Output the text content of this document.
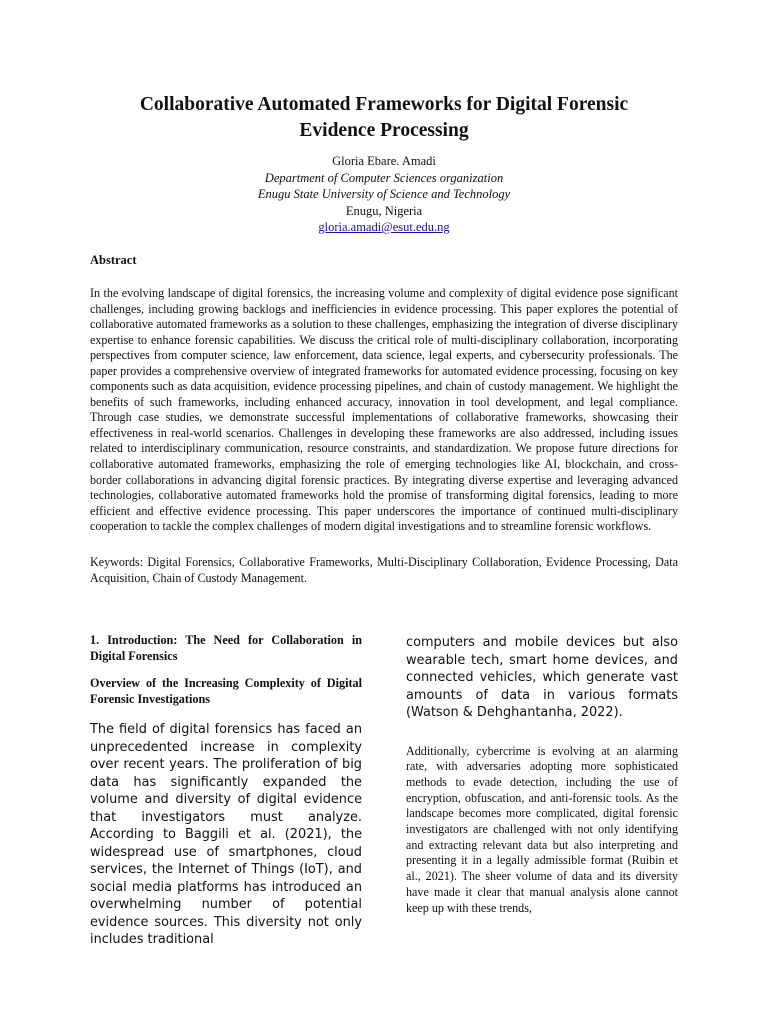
Collaborative Automated Frameworks for Digital Forensic
Evidence Processing
Gloria Ebare. Amadi
Department of Computer Sciences organization
Enugu State University of Science and Technology
Enugu, Nigeria
gloria.amadi@esut.edu.ng
Abstract
In the evolving landscape of digital forensics, the increasing volume and complexity of digital evidence pose significant challenges, including growing backlogs and inefficiencies in evidence processing. This paper explores the potential of collaborative automated frameworks as a solution to these challenges, emphasizing the integration of diverse disciplinary expertise to enhance forensic capabilities. We discuss the critical role of multi-disciplinary collaboration, incorporating perspectives from computer science, law enforcement, data science, legal experts, and cybersecurity professionals. The paper provides a comprehensive overview of integrated frameworks for automated evidence processing, focusing on key components such as data acquisition, evidence processing pipelines, and chain of custody management. We highlight the benefits of such frameworks, including enhanced accuracy, innovation in tool development, and legal compliance. Through case studies, we demonstrate successful implementations of collaborative frameworks, showcasing their effectiveness in real-world scenarios. Challenges in developing these frameworks are also addressed, including issues related to interdisciplinary communication, resource constraints, and standardization. We propose future directions for collaborative automated frameworks, emphasizing the role of emerging technologies like AI, blockchain, and cross-border collaborations in advancing digital forensic practices. By integrating diverse expertise and leveraging advanced technologies, collaborative automated frameworks hold the promise of transforming digital forensics, leading to more efficient and effective evidence processing. This paper underscores the importance of continued multi-disciplinary cooperation to tackle the complex challenges of modern digital investigations and to streamline forensic workflows.
Keywords: Digital Forensics, Collaborative Frameworks, Multi-Disciplinary Collaboration, Evidence Processing, Data Acquisition, Chain of Custody Management.
1. Introduction: The Need for Collaboration in Digital Forensics
Overview of the Increasing Complexity of Digital Forensic Investigations
The field of digital forensics has faced an unprecedented increase in complexity over recent years. The proliferation of big data has significantly expanded the volume and diversity of digital evidence that investigators must analyze. According to Baggili et al. (2021), the widespread use of smartphones, cloud services, the Internet of Things (IoT), and social media platforms has introduced an overwhelming number of potential evidence sources. This diversity not only includes traditional
computers and mobile devices but also wearable tech, smart home devices, and connected vehicles, which generate vast amounts of data in various formats (Watson & Dehghantanha, 2022).
Additionally, cybercrime is evolving at an alarming rate, with adversaries adopting more sophisticated methods to evade detection, including the use of encryption, obfuscation, and anti-forensic tools. As the landscape becomes more complicated, digital forensic investigators are challenged with not only identifying and extracting relevant data but also interpreting and presenting it in a legally admissible format (Ruibin et al., 2021). The sheer volume of data and its diversity have made it clear that manual analysis alone cannot keep up with these trends,
